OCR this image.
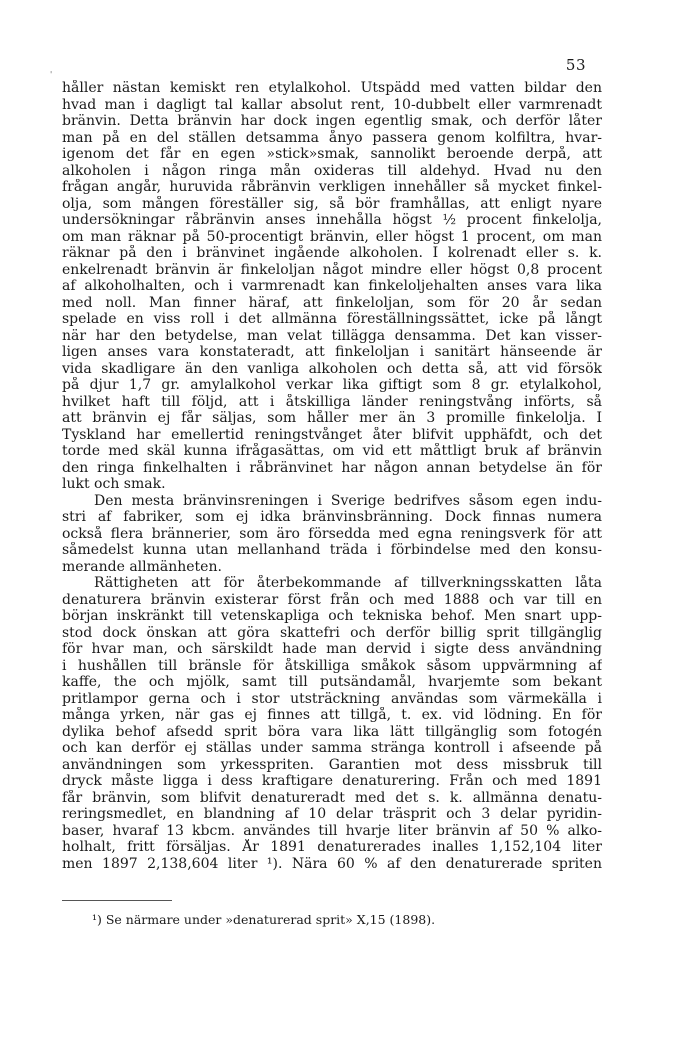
'
53
håller nästan kemiskt ren etylalkohol. Utspädd med vatten bildar den
hvad man i dagligt tal kallar absolut rent, 10-dubbelt eller varmrenadt
bränvin. Detta bränvin har dock ingen egentlig smak, och derför låter
man på en del ställen detsamma ånyo passera genom kolfiltra, hvar-
igenom det får en egen »stick»smak, sannolikt beroende derpå, att
alkoholen i någon ringa mån oxideras till aldehyd. Hvad nu den
frågan angår, huruvida råbränvin verkligen innehåller så mycket finkel-
olja, som mången föreställer sig, så bör framhållas, att enligt nyare
undersökningar råbränvin anses innehålla högst ½ procent finkelolja,
om man räknar på 50-procentigt bränvin, eller högst 1 procent, om man
räknar på den i bränvinet ingående alkoholen. I kolrenadt eller s. k.
enkelrenadt bränvin är finkeloljan något mindre eller högst 0,8 procent
af alkoholhalten, och i varmrenadt kan finkeloljehalten anses vara lika
med noll. Man finner häraf, att finkeloljan, som för 20 år sedan
spelade en viss roll i det allmänna föreställningssättet, icke på långt
när har den betydelse, man velat tillägga densamma. Det kan visser-
ligen anses vara konstateradt, att finkeloljan i sanitärt hänseende är
vida skadligare än den vanliga alkoholen och detta så, att vid försök
på djur 1,7 gr. amylalkohol verkar lika giftigt som 8 gr. etylalkohol,
hvilket haft till följd, att i åtskilliga länder reningstvång införts, så
att bränvin ej får säljas, som håller mer än 3 promille finkelolja. I
Tyskland har emellertid reningstvånget åter blifvit upphäfdt, och det
torde med skäl kunna ifrågasättas, om vid ett måttligt bruk af bränvin
den ringa finkelhalten i råbränvinet har någon annan betydelse än för
lukt och smak.
Den mesta bränvinsreningen i Sverige bedrifves såsom egen indu-
stri af fabriker, som ej idka bränvinsbränning. Dock finnas numera
också flera brännerier, som äro försedda med egna reningsverk för att
såmedelst kunna utan mellanhand träda i förbindelse med den konsu-
merande allmänheten.
Rättigheten att för återbekommande af tillverkningsskatten låta
denaturera bränvin existerar först från och med 1888 och var till en
början inskränkt till vetenskapliga och tekniska behof. Men snart upp-
stod dock önskan att göra skattefri och derför billig sprit tillgänglig
för hvar man, och särskildt hade man dervid i sigte dess användning
i hushållen till bränsle för åtskilliga småkok såsom uppvärmning af
kaffe, the och mjölk, samt till putsändamål, hvarjemte som bekant
pritlampor gerna och i stor utsträckning användas som värmekälla i
många yrken, när gas ej finnes att tillgå, t. ex. vid lödning. En för
dylika behof afsedd sprit böra vara lika lätt tillgänglig som fotogén
och kan derför ej ställas under samma stränga kontroll i afseende på
användningen som yrkesspriten. Garantien mot dess missbruk till
dryck måste ligga i dess kraftigare denaturering. Från och med 1891
får bränvin, som blifvit denatureradt med det s. k. allmänna denatu-
reringsmedlet, en blandning af 10 delar träsprit och 3 delar pyridin-
baser, hvaraf 13 kbcm. användes till hvarje liter bränvin af 50 % alko-
holhalt, fritt försäljas. År 1891 denaturerades inalles 1,152,104 liter
men 1897 2,138,604 liter ¹). Nära 60 % af den denaturerade spriten
¹) Se närmare under »denaturerad sprit» X,15 (1898).
